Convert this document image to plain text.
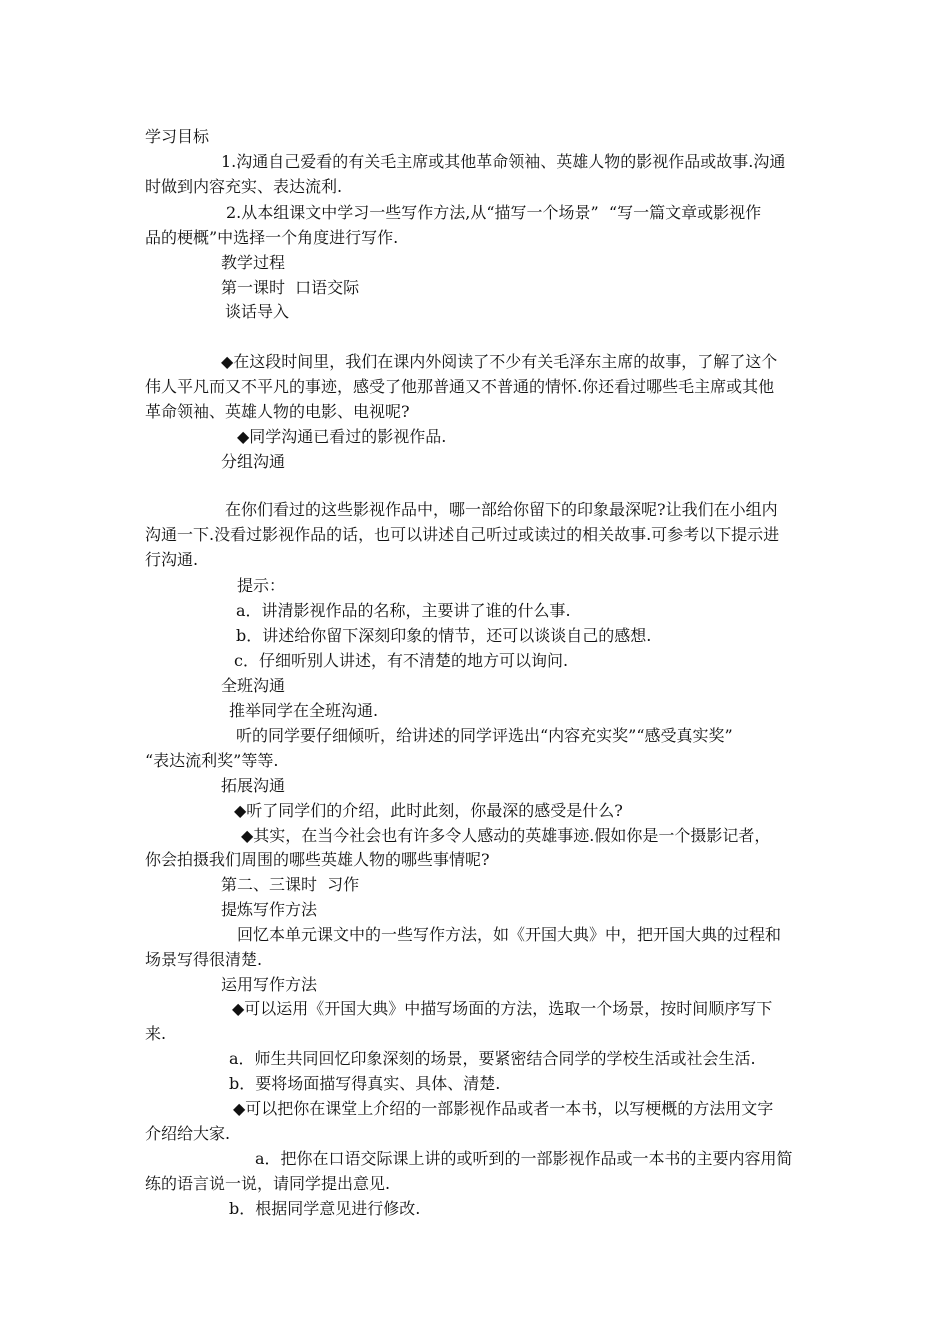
学习目标
1.沟通自己爱看的有关毛主席或其他革命领袖、英雄人物的影视作品或故事.沟通
时做到内容充实、表达流利.
2.从本组课文中学习一些写作方法,从“描写一个场景”  “写一篇文章或影视作
品的梗概”中选择一个角度进行写作.
教学过程
第一课时  口语交际
谈话导入
◆在这段时间里，我们在课内外阅读了不少有关毛泽东主席的故事，了解了这个
伟人平凡而又不平凡的事迹，感受了他那普通又不普通的情怀.你还看过哪些毛主席或其他
革命领袖、英雄人物的电影、电视呢?
◆同学沟通已看过的影视作品.
分组沟通
在你们看过的这些影视作品中，哪一部给你留下的印象最深呢?让我们在小组内
沟通一下.没看过影视作品的话，也可以讲述自己听过或读过的相关故事.可参考以下提示进
行沟通.
提示：
a．讲清影视作品的名称，主要讲了谁的什么事.
b．讲述给你留下深刻印象的情节，还可以谈谈自己的感想.
c．仔细听别人讲述，有不清楚的地方可以询问.
全班沟通
推举同学在全班沟通.
听的同学要仔细倾听，给讲述的同学评选出“内容充实奖”“感受真实奖”
“表达流利奖”等等.
拓展沟通
◆听了同学们的介绍，此时此刻，你最深的感受是什么?
◆其实，在当今社会也有许多令人感动的英雄事迹.假如你是一个摄影记者，
你会拍摄我们周围的哪些英雄人物的哪些事情呢?
第二、三课时  习作
提炼写作方法
回忆本单元课文中的一些写作方法，如《开国大典》中，把开国大典的过程和
场景写得很清楚.
运用写作方法
◆可以运用《开国大典》中描写场面的方法，选取一个场景，按时间顺序写下
来.
a．师生共同回忆印象深刻的场景，要紧密结合同学的学校生活或社会生活.
b．要将场面描写得真实、具体、清楚.
◆可以把你在课堂上介绍的一部影视作品或者一本书，以写梗概的方法用文字
介绍给大家.
a．把你在口语交际课上讲的或听到的一部影视作品或一本书的主要内容用简
练的语言说一说，请同学提出意见.
b．根据同学意见进行修改.
